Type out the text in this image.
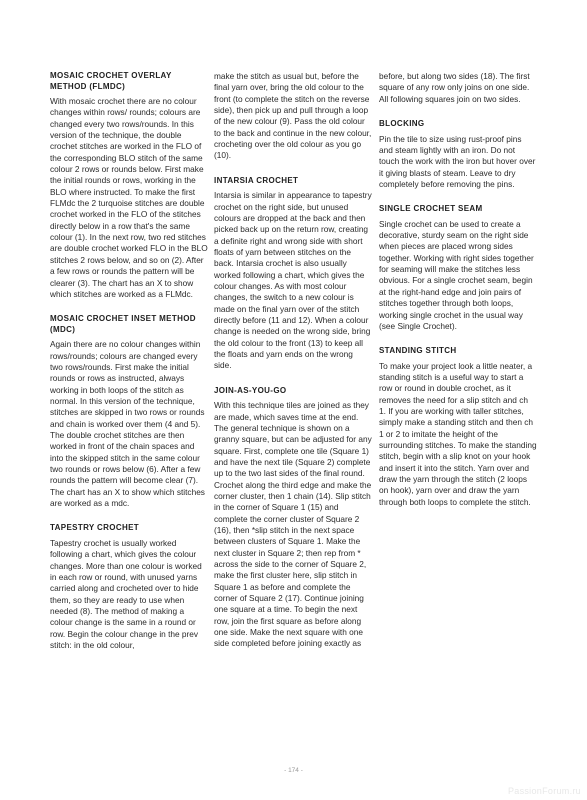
MOSAIC CROCHET OVERLAY METHOD (FLMDC)
With mosaic crochet there are no colour changes within rows/ rounds; colours are changed every two rows/rounds. In this version of the technique, the double crochet stitches are worked in the FLO of the corresponding BLO stitch of the same colour 2 rows or rounds below. First make the initial rounds or rows, working in the BLO where instructed. To make the first FLMdc the 2 turquoise stitches are double crochet worked in the FLO of the stitches directly below in a row that's the same colour (1). In the next row, two red stitches are double crochet worked FLO in the BLO stitches 2 rows below, and so on (2). After a few rows or rounds the pattern will be clearer (3). The chart has an X to show which stitches are worked as a FLMdc.
MOSAIC CROCHET INSET METHOD (MDC)
Again there are no colour changes within rows/rounds; colours are changed every two rows/rounds. First make the initial rounds or rows as instructed, always working in both loops of the stitch as normal. In this version of the technique, stitches are skipped in two rows or rounds and chain is worked over them (4 and 5). The double crochet stitches are then worked in front of the chain spaces and into the skipped stitch in the same colour two rounds or rows below (6). After a few rounds the pattern will become clear (7). The chart has an X to show which stitches are worked as a mdc.
TAPESTRY CROCHET
Tapestry crochet is usually worked following a chart, which gives the colour changes. More than one colour is worked in each row or round, with unused yarns carried along and crocheted over to hide them, so they are ready to use when needed (8). The method of making a colour change is the same in a round or row. Begin the colour change in the prev stitch: in the old colour,
make the stitch as usual but, before the final yarn over, bring the old colour to the front (to complete the stitch on the reverse side), then pick up and pull through a loop of the new colour (9). Pass the old colour to the back and continue in the new colour, crocheting over the old colour as you go (10).
INTARSIA CROCHET
Intarsia is similar in appearance to tapestry crochet on the right side, but unused colours are dropped at the back and then picked back up on the return row, creating a definite right and wrong side with short floats of yarn between stitches on the back. Intarsia crochet is also usually worked following a chart, which gives the colour changes. As with most colour changes, the switch to a new colour is made on the final yarn over of the stitch directly before (11 and 12). When a colour change is needed on the wrong side, bring the old colour to the front (13) to keep all the floats and yarn ends on the wrong side.
JOIN-AS-YOU-GO
With this technique tiles are joined as they are made, which saves time at the end. The general technique is shown on a granny square, but can be adjusted for any square. First, complete one tile (Square 1) and have the next tile (Square 2) complete up to the two last sides of the final round. Crochet along the third edge and make the corner cluster, then 1 chain (14). Slip stitch in the corner of Square 1 (15) and complete the corner cluster of Square 2 (16), then *slip stitch in the next space between clusters of Square 1. Make the next cluster in Square 2; then rep from * across the side to the corner of Square 2, make the first cluster here, slip stitch in Square 1 as before and complete the corner of Square 2 (17). Continue joining one square at a time. To begin the next row, join the first square as before along one side. Make the next square with one side completed before joining exactly as
before, but along two sides (18). The first square of any row only joins on one side. All following squares join on two sides.
BLOCKING
Pin the tile to size using rust-proof pins and steam lightly with an iron. Do not touch the work with the iron but hover over it giving blasts of steam. Leave to dry completely before removing the pins.
SINGLE CROCHET SEAM
Single crochet can be used to create a decorative, sturdy seam on the right side when pieces are placed wrong sides together. Working with right sides together for seaming will make the stitches less obvious. For a single crochet seam, begin at the right-hand edge and join pairs of stitches together through both loops, working single crochet in the usual way (see Single Crochet).
STANDING STITCH
To make your project look a little neater, a standing stitch is a useful way to start a row or round in double crochet, as it removes the need for a slip stitch and ch 1. If you are working with taller stitches, simply make a standing stitch and then ch 1 or 2 to imitate the height of the surrounding stitches. To make the standing stitch, begin with a slip knot on your hook and insert it into the stitch. Yarn over and draw the yarn through the stitch (2 loops on hook), yarn over and draw the yarn through both loops to complete the stitch.
- 174 -
PassionForum.ru
